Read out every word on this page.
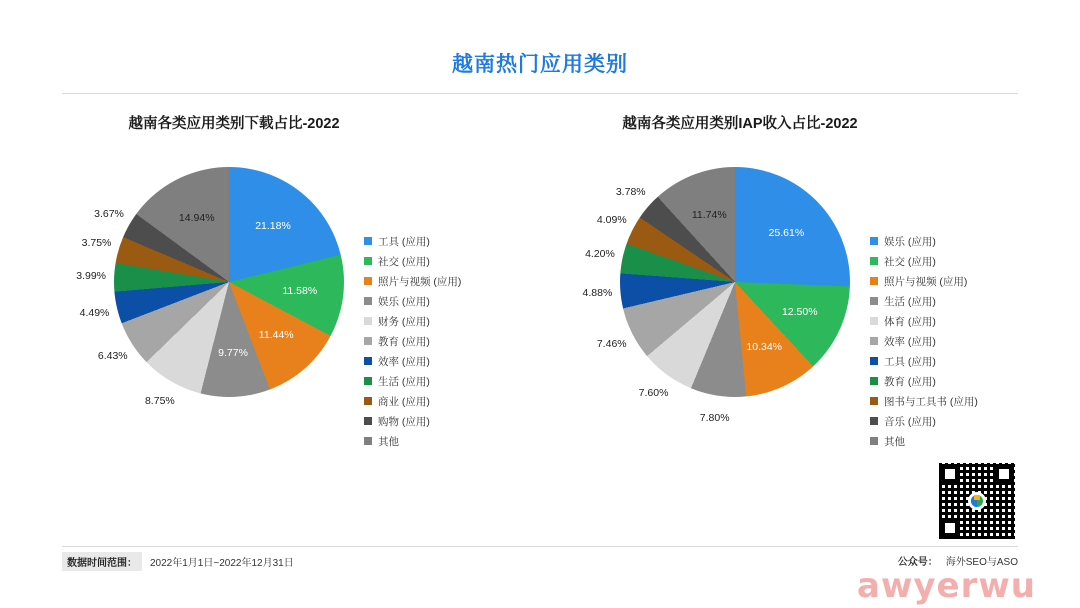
越南热门应用类别
越南各类应用类别下载占比-2022
21.18%
11.58%
11.44%
9.77%
8.75%
6.43%
4.49%
3.99%
3.75%
3.67%	14.94%
工具 (应用)
社交 (应用)
照片与视频 (应用)
娱乐 (应用)
财务 (应用)
教育 (应用)
效率 (应用)
生活 (应用)
商业 (应用)
购物 (应用)
其他
越南各类应用类别IAP收入占比-2022
25.61%
12.50%
10.34%
7.80%
7.60%
7.46%
4.88%
4.20%
4.09%
3.78%
11.74%
娱乐 (应用)
社交 (应用)
照片与视频 (应用)
生活 (应用)
体育 (应用)
效率 (应用)
工具 (应用)
教育 (应用)
图书与工具书 (应用)
音乐 (应用)
其他
数据时间范围：	2022年1月1日~2022年12月31日	公众号： 海外SEO与ASO
awyerwu
